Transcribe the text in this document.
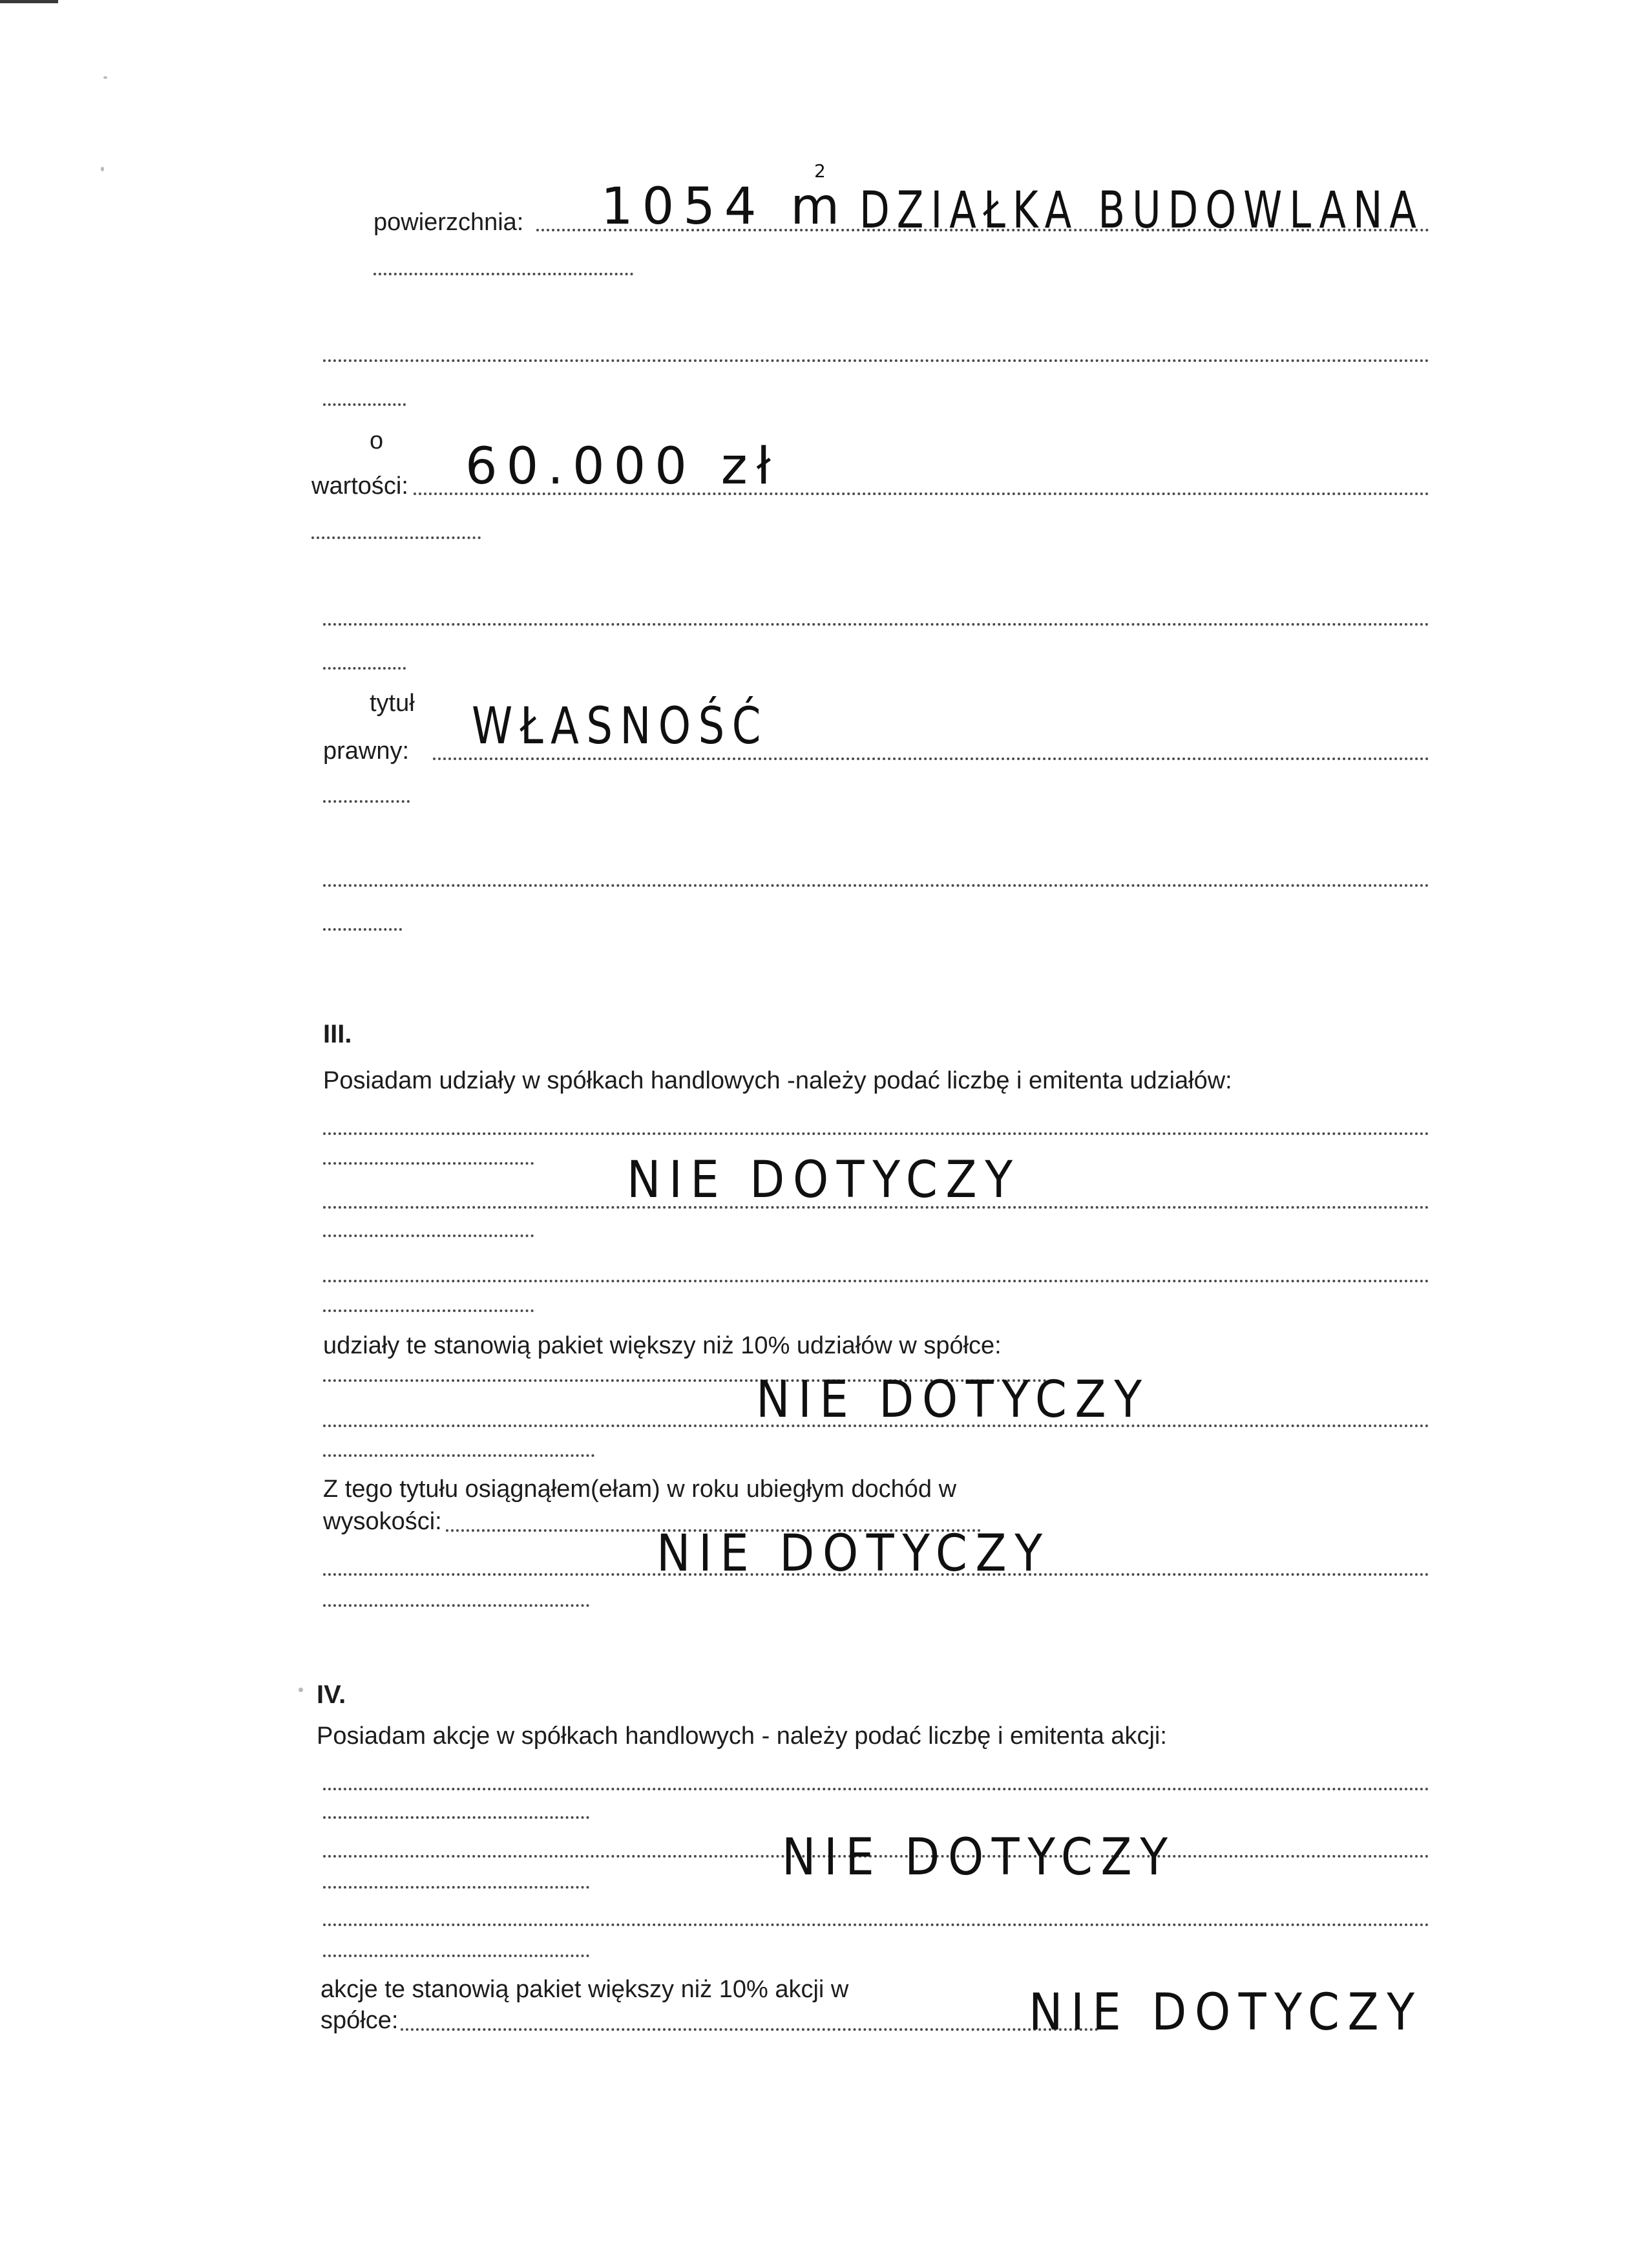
powierzchnia: 1054 m
2
DZIAŁKA BUDOWLANA
o
wartości: 60.000 zł
tytuł
prawny: WŁASNOŚĆ
III.
Posiadam udziały w spółkach handlowych -należy podać liczbę i emitenta udziałów:
NIE DOTYCZY
udziały te stanowią pakiet większy niż 10% udziałów w spółce:
NIE DOTYCZY
Z tego tytułu osiągnąłem(ełam) w roku ubiegłym dochód w
wysokości:
NIE DOTYCZY
IV.
Posiadam akcje w spółkach handlowych - należy podać liczbę i emitenta akcji:
NIE DOTYCZY
akcje te stanowią pakiet większy niż 10% akcji w
spółce:	NIE DOTYCZY
